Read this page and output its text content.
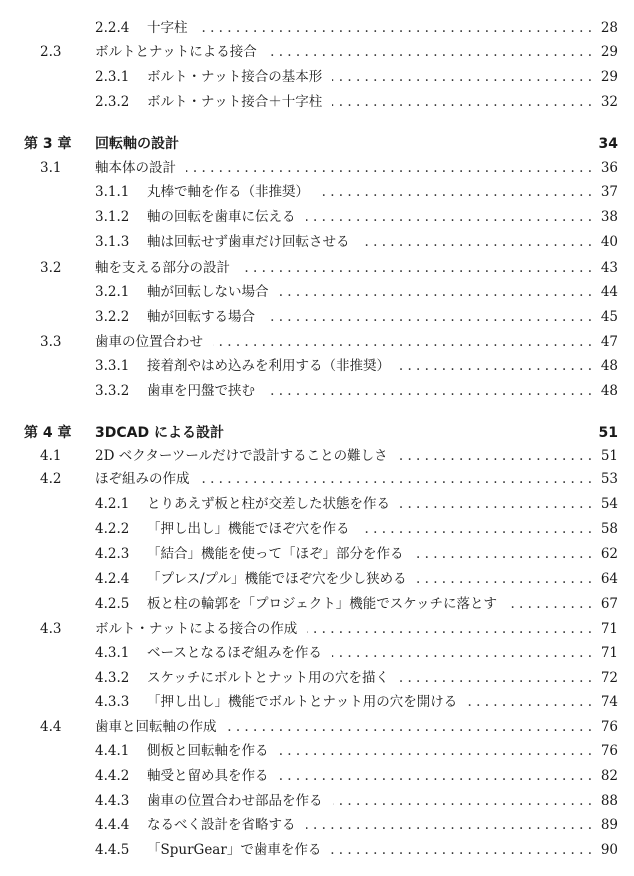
2.2.4 十字柱	28
. . .
2.3 ボルトとナットによる接合	29
. . .
2.3.1 ボルト・ナット接合の基本形	29
. . .
2.3.2 ボルト・ナット接合＋十字柱	32
. . .
第 3 章 回転軸の設計	34
3.1 軸本体の設計	36
. . .
3.1.1 丸棒で軸を作る（非推奨）	37
. . .
3.1.2 軸の回転を歯車に伝える	38
. . .
3.1.3 軸は回転せず歯車だけ回転させる	40
. . .
3.2 軸を支える部分の設計	43
. . .
3.2.1 軸が回転しない場合	44
. . .
3.2.2 軸が回転する場合	45
. . .
3.3 歯車の位置合わせ	47
. . .
3.3.1 接着剤やはめ込みを利用する（非推奨）	48
. . .
3.3.2 歯車を円盤で挟む	48
. . .
第 4 章 3DCAD による設計	51
4.1 2D ベクターツールだけで設計することの難しさ	51
. . .
4.2 ほぞ組みの作成	53
. . .
4.2.1 とりあえず板と柱が交差した状態を作る	54
. . .
4.2.2 「押し出し」機能でほぞ穴を作る	58
. . .
4.2.3 「結合」機能を使って「ほぞ」部分を作る	62
. . .
4.2.4 「プレス/プル」機能でほぞ穴を少し狭める	64
. . .
4.2.5 板と柱の輪郭を「プロジェクト」機能でスケッチに落とす	67
. . .
4.3 ボルト・ナットによる接合の作成	71
. . .
4.3.1 ベースとなるほぞ組みを作る	71
. . .
4.3.2 スケッチにボルトとナット用の穴を描く	72
. . .
4.3.3 「押し出し」機能でボルトとナット用の穴を開ける	74
. . .
4.4 歯車と回転軸の作成	76
. . .
4.4.1 側板と回転軸を作る	76
. . .
4.4.2 軸受と留め具を作る	82
. . .
4.4.3 歯車の位置合わせ部品を作る	88
. . .
4.4.4 なるべく設計を省略する	89
. . .
4.4.5 「SpurGear」で歯車を作る	90
. . .
